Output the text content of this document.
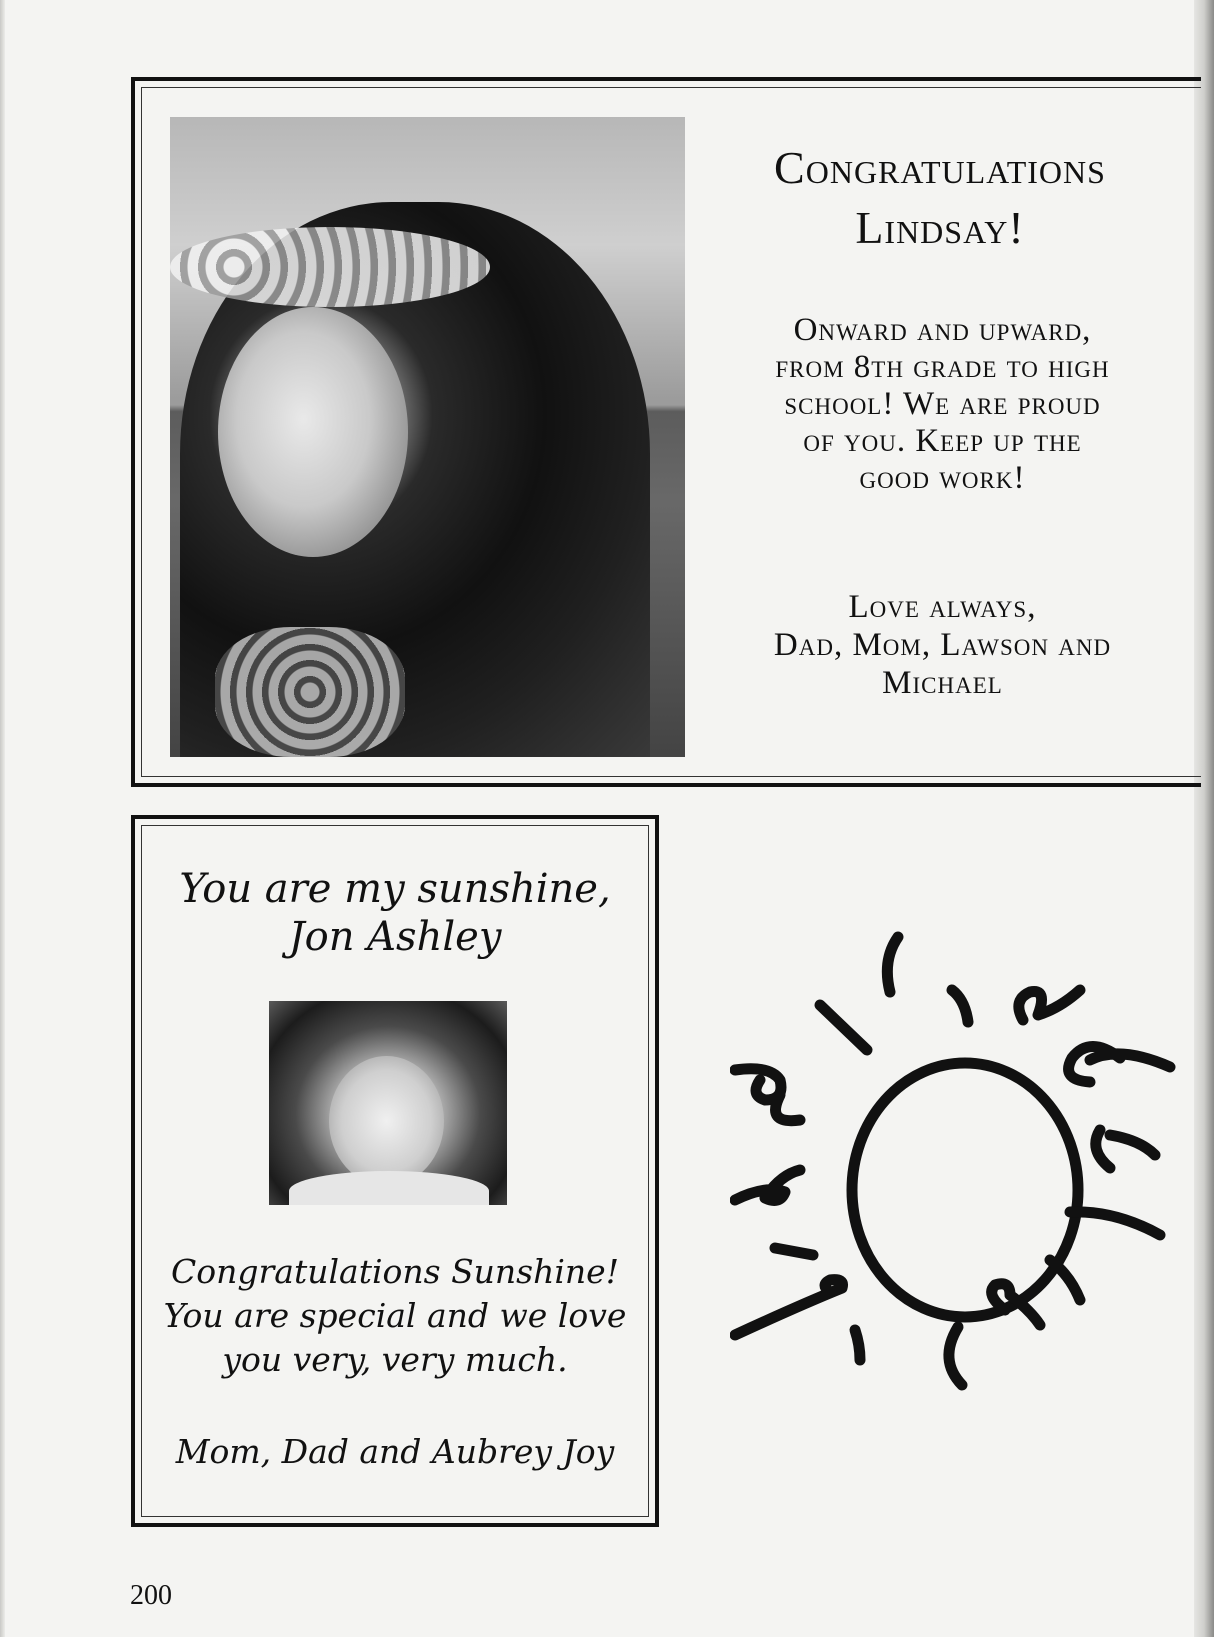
Congratulations
Lindsay!
Onward and upward,
from 8th grade to high
school! We are proud
of you. Keep up the
good work!
Love always,
Dad, Mom, Lawson and
Michael
You are my sunshine,
Jon Ashley
Congratulations Sunshine!
You are special and we love
you very, very much.
Mom, Dad and Aubrey Joy
200
